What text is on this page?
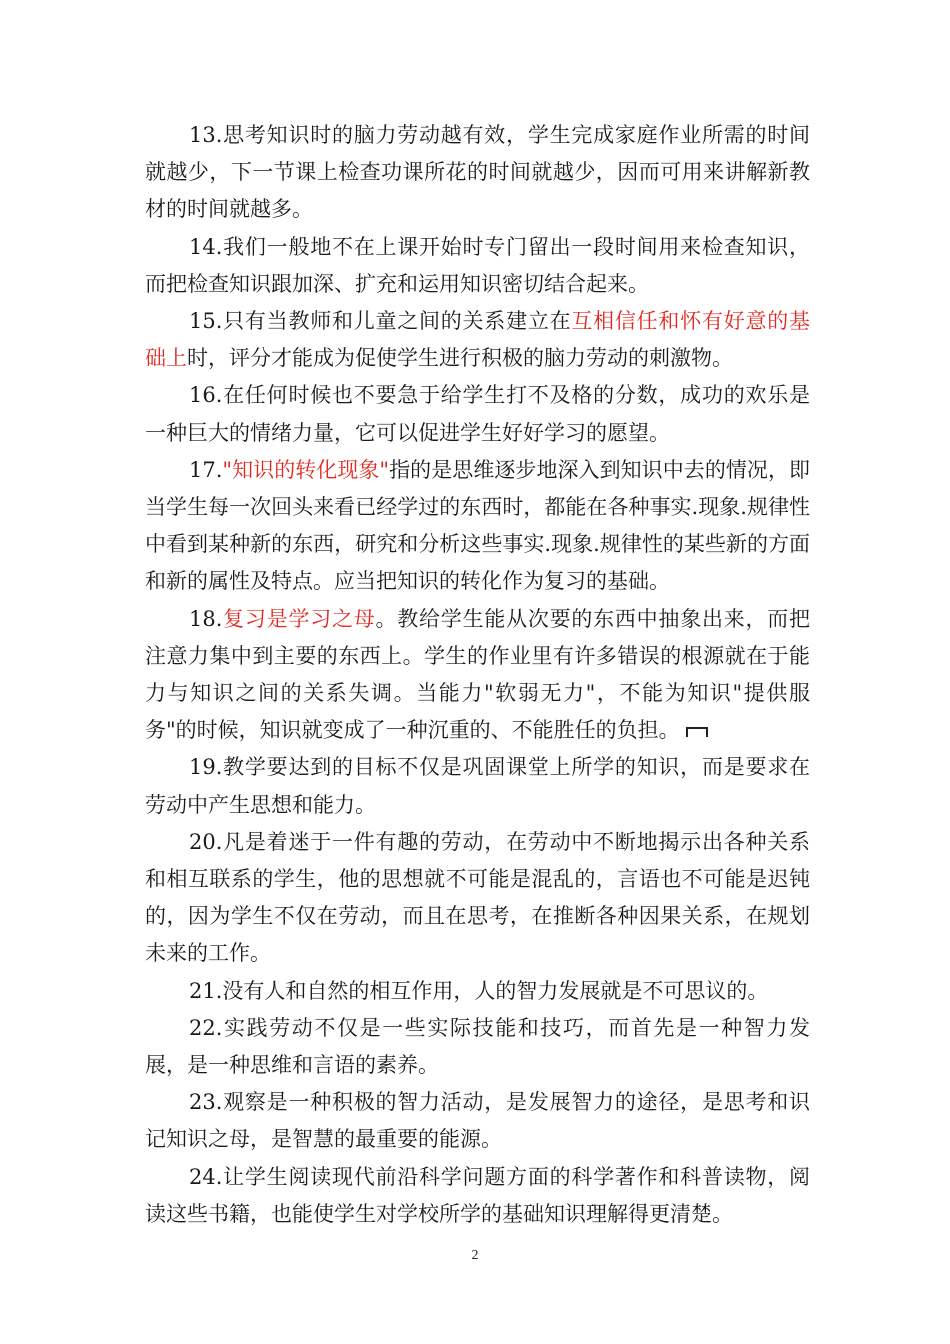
13.思考知识时的脑力劳动越有效，学生完成家庭作业所需的时间就越少，下一节课上检查功课所花的时间就越少，因而可用来讲解新教材的时间就越多。

14.我们一般地不在上课开始时专门留出一段时间用来检查知识，而把检查知识跟加深、扩充和运用知识密切结合起来。

15.只有当教师和儿童之间的关系建立在互相信任和怀有好意的基础上时，评分才能成为促使学生进行积极的脑力劳动的刺激物。

16.在任何时候也不要急于给学生打不及格的分数，成功的欢乐是一种巨大的情绪力量，它可以促进学生好好学习的愿望。

17."知识的转化现象"指的是思维逐步地深入到知识中去的情况，即当学生每一次回头来看已经学过的东西时，都能在各种事实.现象.规律性中看到某种新的东西，研究和分析这些事实.现象.规律性的某些新的方面和新的属性及特点。应当把知识的转化作为复习的基础。

18.复习是学习之母。教给学生能从次要的东西中抽象出来，而把注意力集中到主要的东西上。学生的作业里有许多错误的根源就在于能力与知识之间的关系失调。当能力"软弱无力"，不能为知识"提供服务"的时候，知识就变成了一种沉重的、不能胜任的负担。

19.教学要达到的目标不仅是巩固课堂上所学的知识，而是要求在劳动中产生思想和能力。

20.凡是着迷于一件有趣的劳动，在劳动中不断地揭示出各种关系和相互联系的学生，他的思想就不可能是混乱的，言语也不可能是迟钝的，因为学生不仅在劳动，而且在思考，在推断各种因果关系，在规划未来的工作。

21.没有人和自然的相互作用，人的智力发展就是不可思议的。

22.实践劳动不仅是一些实际技能和技巧，而首先是一种智力发展，是一种思维和言语的素养。

23.观察是一种积极的智力活动，是发展智力的途径，是思考和识记知识之母，是智慧的最重要的能源。

24.让学生阅读现代前沿科学问题方面的科学著作和科普读物，阅读这些书籍，也能使学生对学校所学的基础知识理解得更清楚。

2
